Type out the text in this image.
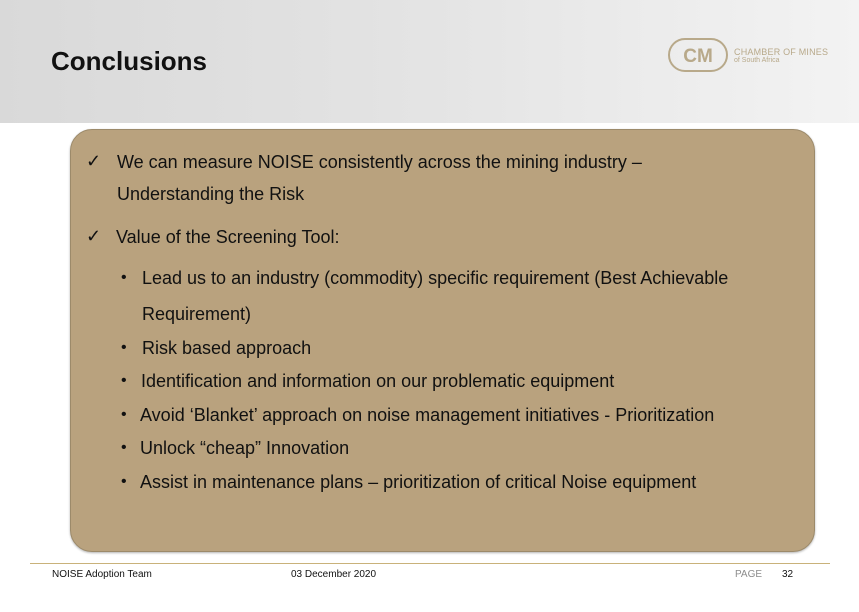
Conclusions	CM CHAMBER OF MINES
of South Africa
✓ We can measure NOISE consistently across the mining industry –
Understanding the Risk
✓ Value of the Screening Tool:
• Lead us to an industry (commodity) specific requirement (Best Achievable
Requirement)
• Risk based approach
• Identification and information on our problematic equipment
• Avoid ‘Blanket’ approach on noise management initiatives - Prioritization
• Unlock “cheap” Innovation
• Assist in maintenance plans – prioritization of critical Noise equipment
NOISE Adoption Team	03 December 2020	PAGE 32
